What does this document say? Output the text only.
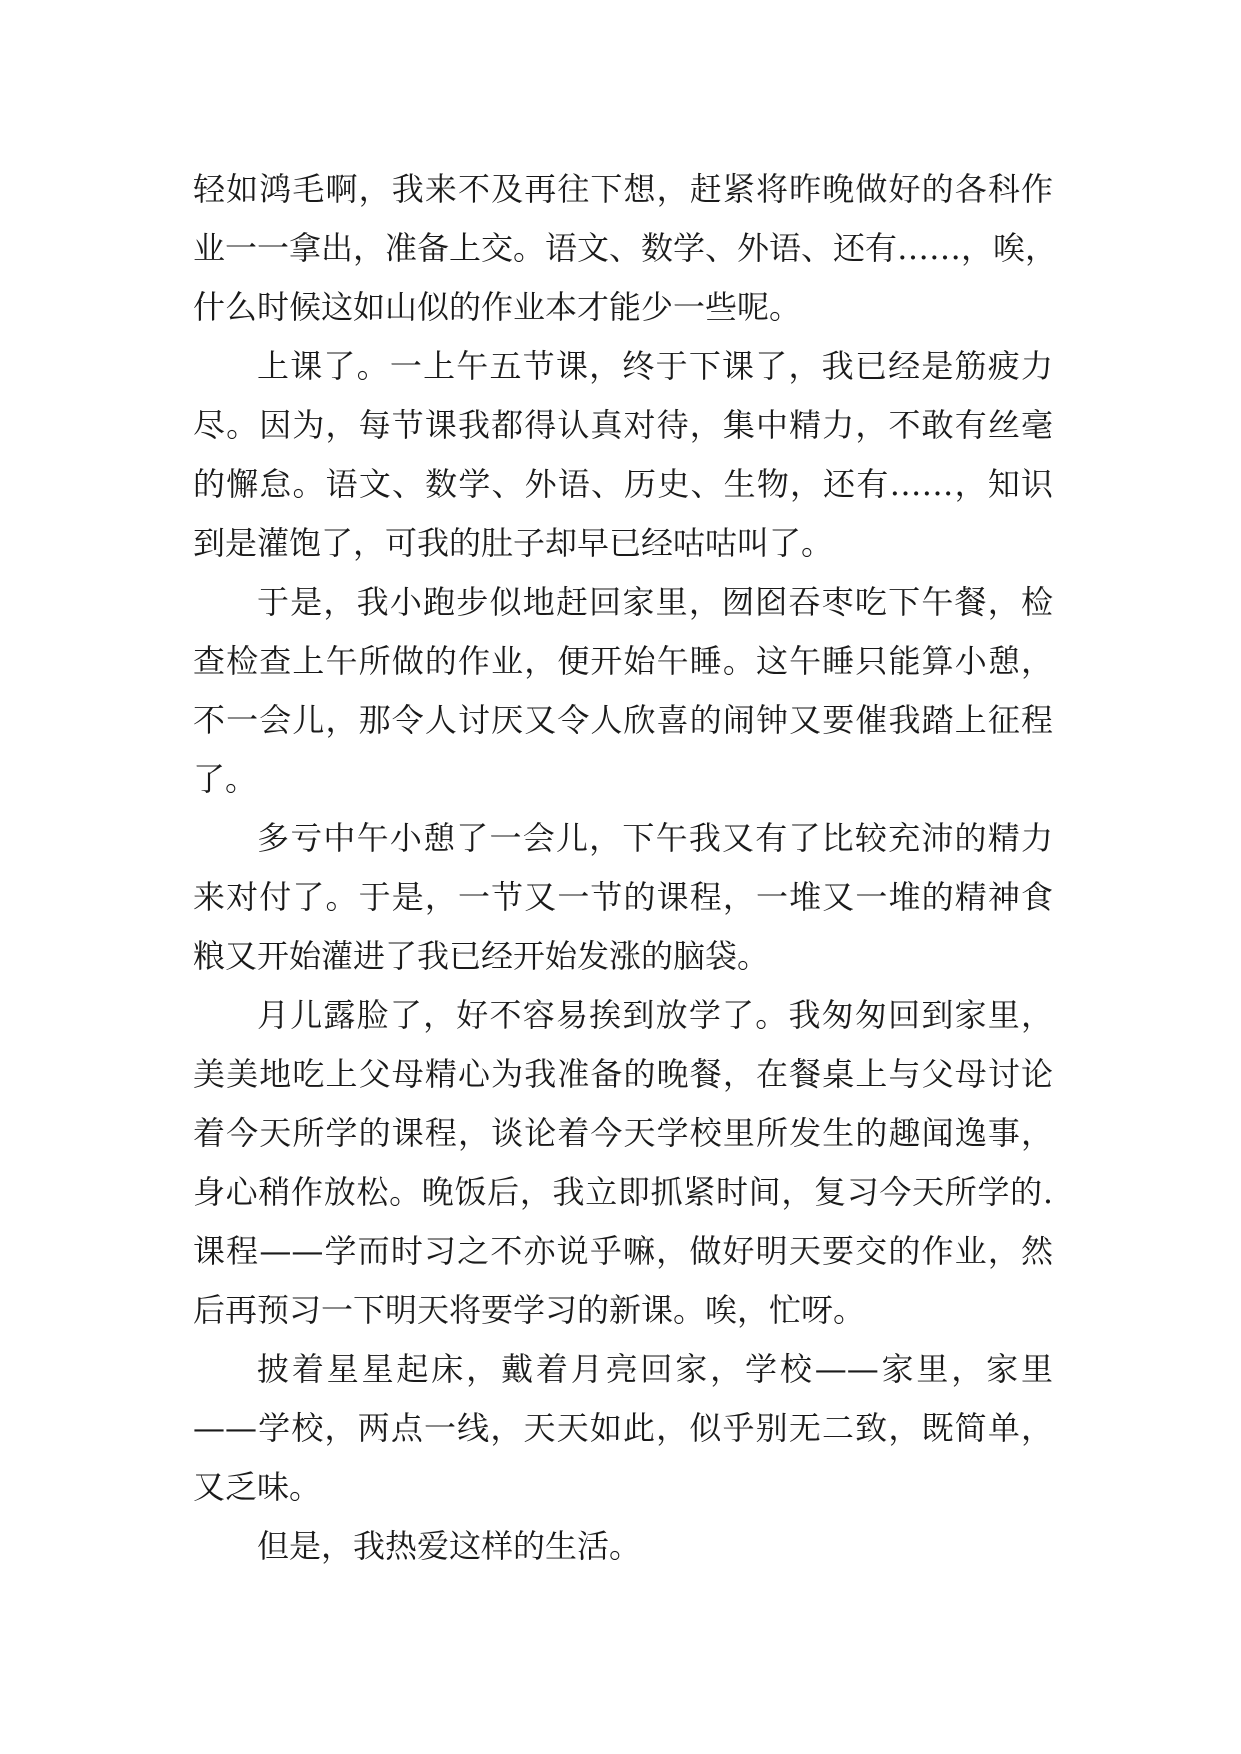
轻如鸿毛啊，我来不及再往下想，赶紧将昨晚做好的各科作
业一一拿出，准备上交。语文、数学、外语、还有……，唉，
什么时候这如山似的作业本才能少一些呢。
上课了。一上午五节课，终于下课了，我已经是筋疲力
尽。因为，每节课我都得认真对待，集中精力，不敢有丝毫
的懈怠。语文、数学、外语、历史、生物，还有……，知识
到是灌饱了，可我的肚子却早已经咕咕叫了。
于是，我小跑步似地赶回家里，囫囵吞枣吃下午餐，检
查检查上午所做的作业，便开始午睡。这午睡只能算小憩，
不一会儿，那令人讨厌又令人欣喜的闹钟又要催我踏上征程
了。
多亏中午小憩了一会儿，下午我又有了比较充沛的精力
来对付了。于是，一节又一节的课程，一堆又一堆的精神食
粮又开始灌进了我已经开始发涨的脑袋。
月儿露脸了，好不容易挨到放学了。我匆匆回到家里，
美美地吃上父母精心为我准备的晚餐，在餐桌上与父母讨论
着今天所学的课程，谈论着今天学校里所发生的趣闻逸事，
身心稍作放松。晚饭后，我立即抓紧时间，复习今天所学的.
课程——学而时习之不亦说乎嘛，做好明天要交的作业，然
后再预习一下明天将要学习的新课。唉，忙呀。
披着星星起床，戴着月亮回家，学校——家里，家里
——学校，两点一线，天天如此，似乎别无二致，既简单，
又乏味。
但是，我热爱这样的生活。
